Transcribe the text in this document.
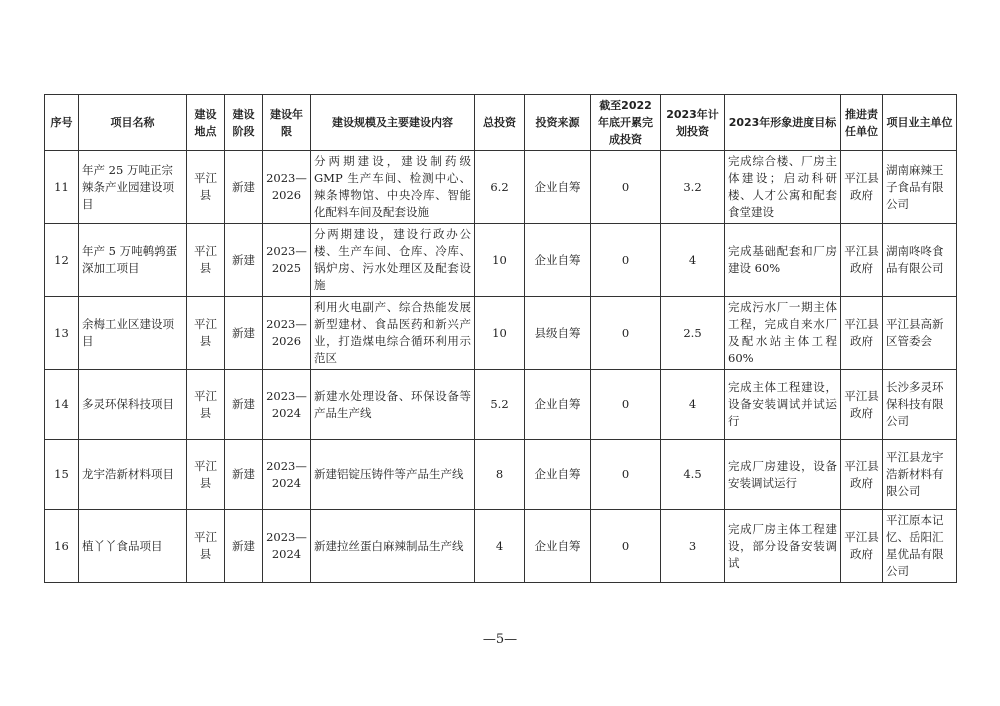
序号	项目名称	建设地点	建设阶段	建设年限	建设规模及主要建设内容	总投资	投资来源	截至2022年底开累完成投资	2023年计划投资	2023年形象进度目标	推进责任单位	项目业主单位
11	年产 25 万吨正宗辣条产业园建设项目	平江县	新建	2023—2026	分两期建设，建设制药级 GMP 生产车间、检测中心、辣条博物馆、中央冷库、智能化配料车间及配套设施	6.2	企业自筹	0	3.2	完成综合楼、厂房主体建设；启动科研楼、人才公寓和配套食堂建设	平江县政府	湖南麻辣王子食品有限公司
12	年产 5 万吨鹌鹑蛋深加工项目	平江县	新建	2023—2025	分两期建设，建设行政办公楼、生产车间、仓库、冷库、锅炉房、污水处理区及配套设施	10	企业自筹	0	4	完成基础配套和厂房建设 60%	平江县政府	湖南咚咚食品有限公司
13	余梅工业区建设项目	平江县	新建	2023—2026	利用火电副产、综合热能发展新型建材、食品医药和新兴产业，打造煤电综合循环利用示范区	10	县级自筹	0	2.5	完成污水厂一期主体工程，完成自来水厂及配水站主体工程 60%	平江县政府	平江县高新区管委会
14	多灵环保科技项目	平江县	新建	2023—2024	新建水处理设备、环保设备等产品生产线	5.2	企业自筹	0	4	完成主体工程建设，设备安装调试并试运行	平江县政府	长沙多灵环保科技有限公司
15	龙宇浩新材料项目	平江县	新建	2023—2024	新建铝锭压铸件等产品生产线	8	企业自筹	0	4.5	完成厂房建设，设备安装调试运行	平江县政府	平江县龙宇浩新材料有限公司
16	植丫丫食品项目	平江县	新建	2023—2024	新建拉丝蛋白麻辣制品生产线	4	企业自筹	0	3	完成厂房主体工程建设，部分设备安装调试	平江县政府	平江原本记忆、岳阳汇星优品有限公司
—5—
